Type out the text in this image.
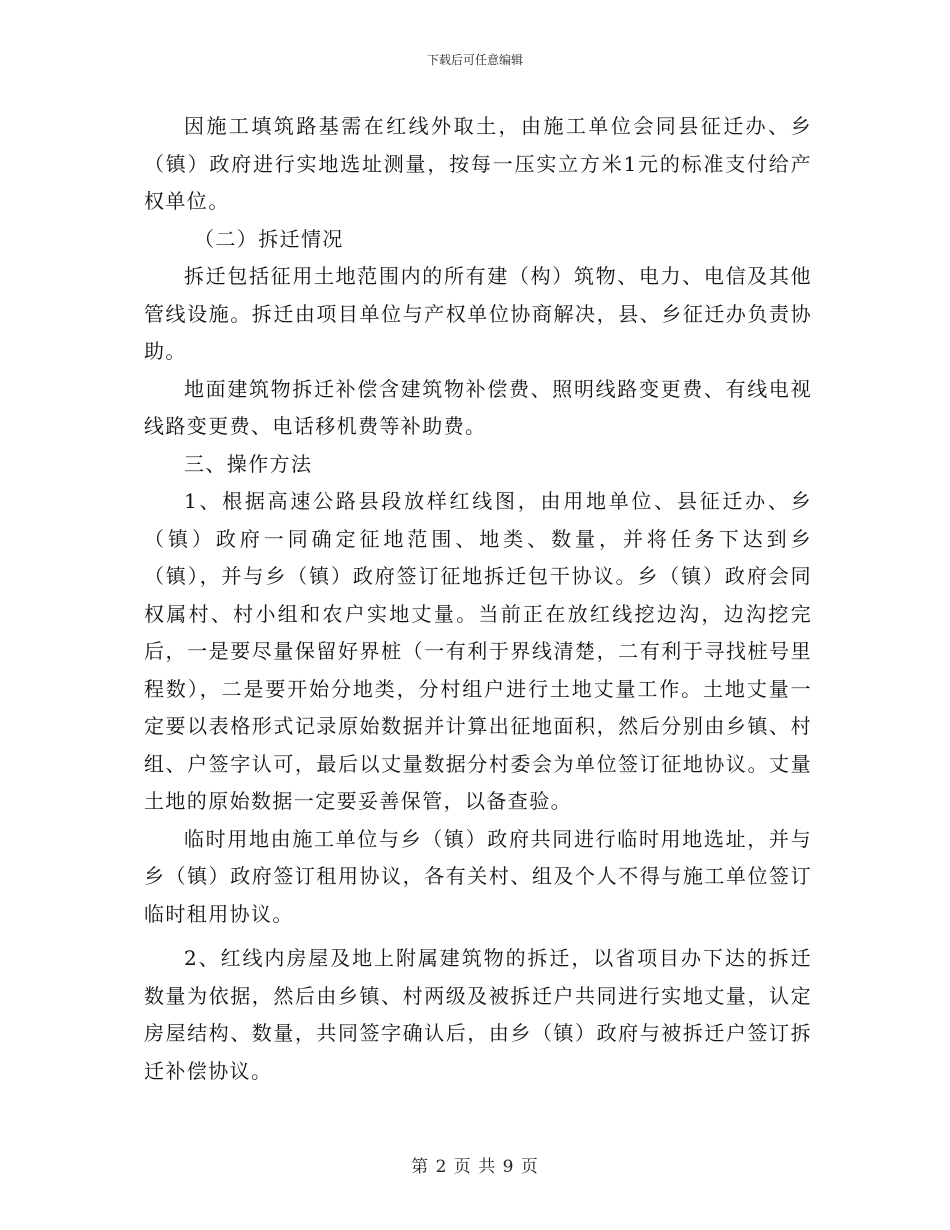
下载后可任意编辑

因施工填筑路基需在红线外取土，由施工单位会同县征迁办、乡（镇）政府进行实地选址测量，按每一压实立方米1元的标准支付给产权单位。

（二）拆迁情况

拆迁包括征用土地范围内的所有建（构）筑物、电力、电信及其他管线设施。拆迁由项目单位与产权单位协商解决，县、乡征迁办负责协助。

地面建筑物拆迁补偿含建筑物补偿费、照明线路变更费、有线电视线路变更费、电话移机费等补助费。

三、操作方法

1、根据高速公路县段放样红线图，由用地单位、县征迁办、乡（镇）政府一同确定征地范围、地类、数量，并将任务下达到乡（镇），并与乡（镇）政府签订征地拆迁包干协议。乡（镇）政府会同权属村、村小组和农户实地丈量。当前正在放红线挖边沟，边沟挖完后，一是要尽量保留好界桩（一有利于界线清楚，二有利于寻找桩号里程数），二是要开始分地类，分村组户进行土地丈量工作。土地丈量一定要以表格形式记录原始数据并计算出征地面积，然后分别由乡镇、村组、户签字认可，最后以丈量数据分村委会为单位签订征地协议。丈量土地的原始数据一定要妥善保管，以备查验。

临时用地由施工单位与乡（镇）政府共同进行临时用地选址，并与乡（镇）政府签订租用协议，各有关村、组及个人不得与施工单位签订临时租用协议。

2、红线内房屋及地上附属建筑物的拆迁，以省项目办下达的拆迁数量为依据，然后由乡镇、村两级及被拆迁户共同进行实地丈量，认定房屋结构、数量，共同签字确认后，由乡（镇）政府与被拆迁户签订拆迁补偿协议。

第 2 页 共 9 页
